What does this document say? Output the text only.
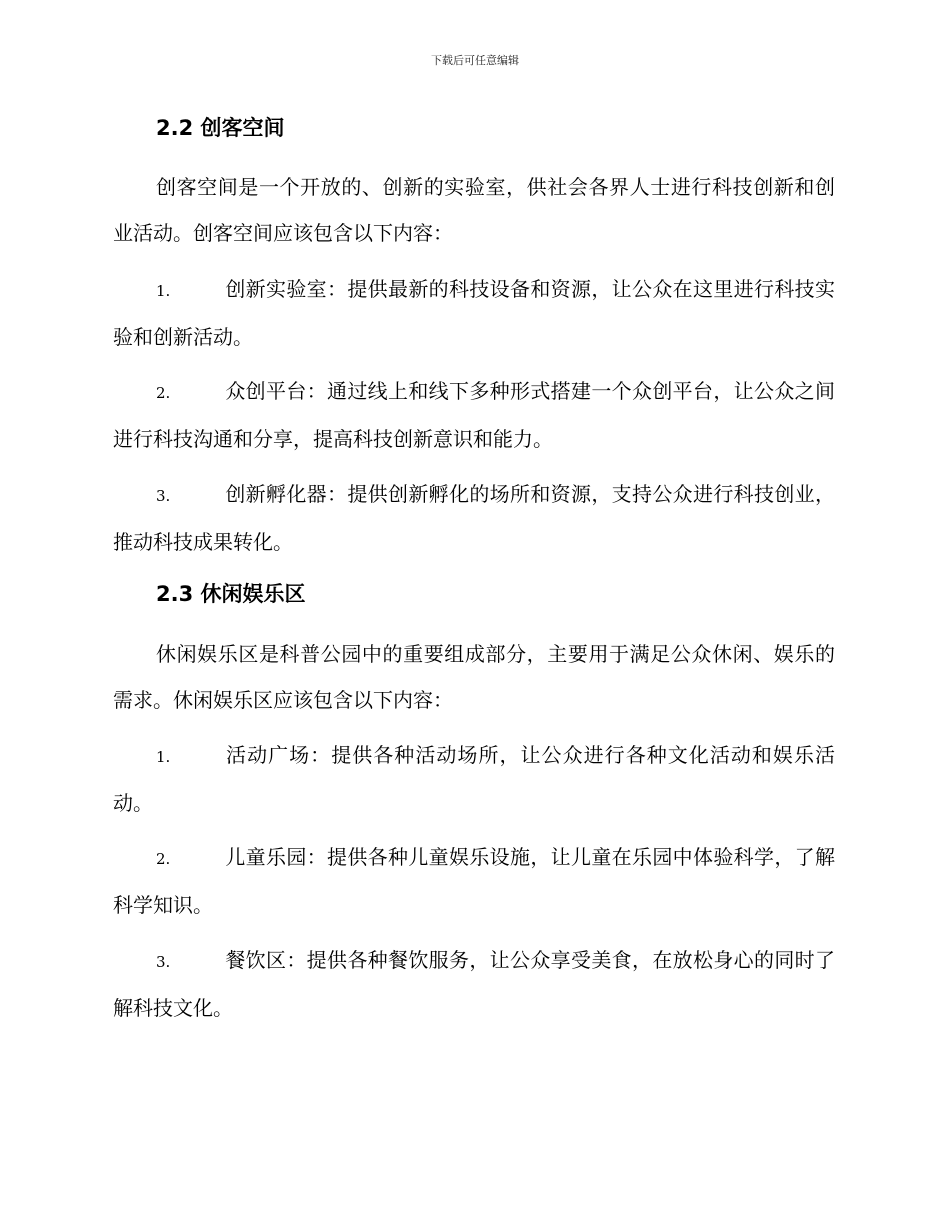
下载后可任意编辑
2.2 创客空间

创客空间是一个开放的、创新的实验室，供社会各界人士进行科技创新和创业活动。创客空间应该包含以下内容：

1.	创新实验室：提供最新的科技设备和资源，让公众在这里进行科技实验和创新活动。

2.	众创平台：通过线上和线下多种形式搭建一个众创平台，让公众之间进行科技沟通和分享，提高科技创新意识和能力。

3.	创新孵化器：提供创新孵化的场所和资源，支持公众进行科技创业，推动科技成果转化。

2.3 休闲娱乐区

休闲娱乐区是科普公园中的重要组成部分，主要用于满足公众休闲、娱乐的需求。休闲娱乐区应该包含以下内容：

1.	活动广场：提供各种活动场所，让公众进行各种文化活动和娱乐活动。

2.	儿童乐园：提供各种儿童娱乐设施，让儿童在乐园中体验科学，了解科学知识。

3.	餐饮区：提供各种餐饮服务，让公众享受美食，在放松身心的同时了解科技文化。
